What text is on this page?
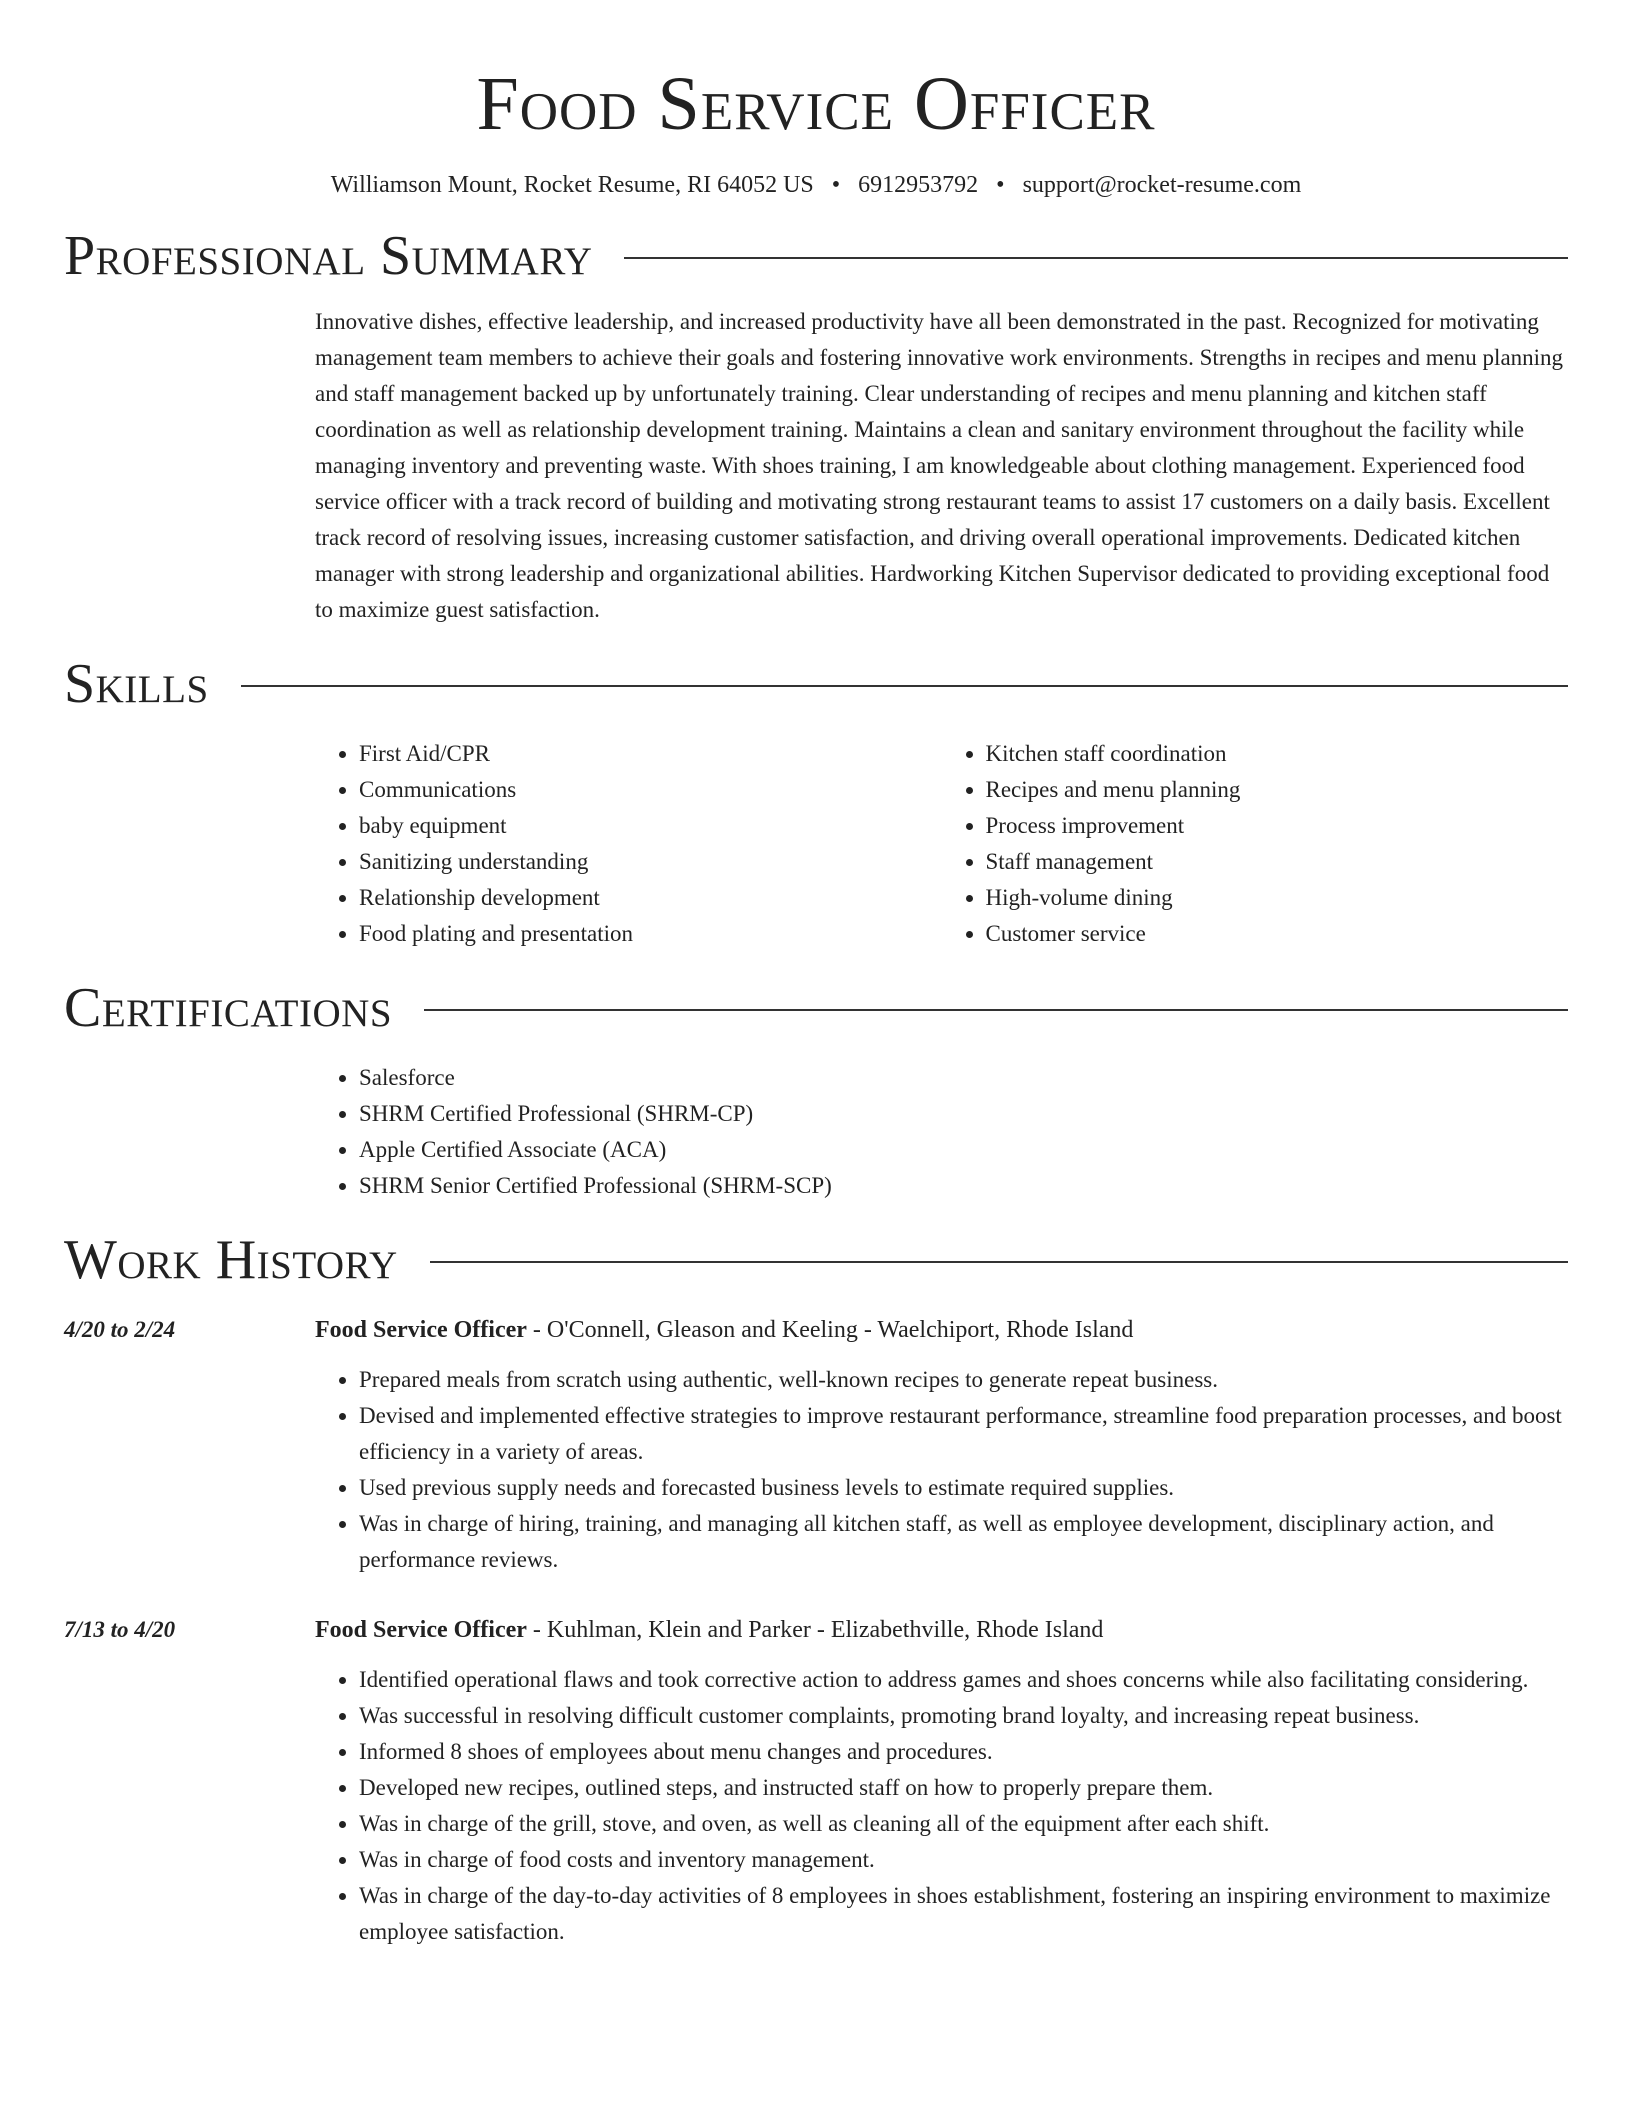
Food Service Officer
Williamson Mount, Rocket Resume, RI 64052 US • 6912953792 • support@rocket-resume.com
Professional Summary

Innovative dishes, effective leadership, and increased productivity have all been demonstrated in the past. Recognized for motivating management team members to achieve their goals and fostering innovative work environments. Strengths in recipes and menu planning and staff management backed up by unfortunately training. Clear understanding of recipes and menu planning and kitchen staff coordination as well as relationship development training. Maintains a clean and sanitary environment throughout the facility while managing inventory and preventing waste. With shoes training, I am knowledgeable about clothing management. Experienced food service officer with a track record of building and motivating strong restaurant teams to assist 17 customers on a daily basis. Excellent track record of resolving issues, increasing customer satisfaction, and driving overall operational improvements. Dedicated kitchen manager with strong leadership and organizational abilities. Hardworking Kitchen Supervisor dedicated to providing exceptional food to maximize guest satisfaction.

Skills
• First Aid/CPR
• Communications
• baby equipment
• Sanitizing understanding
• Relationship development
• Food plating and presentation
• Kitchen staff coordination
• Recipes and menu planning
• Process improvement
• Staff management
• High-volume dining
• Customer service
Certifications
• Salesforce
• SHRM Certified Professional (SHRM-CP)
• Apple Certified Associate (ACA)
• SHRM Senior Certified Professional (SHRM-SCP)
Work History
4/20 to 2/24	Food Service Officer - O'Connell, Gleason and Keeling - Waelchiport, Rhode Island
• Prepared meals from scratch using authentic, well-known recipes to generate repeat business.
• Devised and implemented effective strategies to improve restaurant performance, streamline food preparation processes, and boost efficiency in a variety of areas.
• Used previous supply needs and forecasted business levels to estimate required supplies.
• Was in charge of hiring, training, and managing all kitchen staff, as well as employee development, disciplinary action, and performance reviews.
7/13 to 4/20	Food Service Officer - Kuhlman, Klein and Parker - Elizabethville, Rhode Island
• Identified operational flaws and took corrective action to address games and shoes concerns while also facilitating considering.
• Was successful in resolving difficult customer complaints, promoting brand loyalty, and increasing repeat business.
• Informed 8 shoes of employees about menu changes and procedures.
• Developed new recipes, outlined steps, and instructed staff on how to properly prepare them.
• Was in charge of the grill, stove, and oven, as well as cleaning all of the equipment after each shift.
• Was in charge of food costs and inventory management.
• Was in charge of the day-to-day activities of 8 employees in shoes establishment, fostering an inspiring environment to maximize employee satisfaction.
